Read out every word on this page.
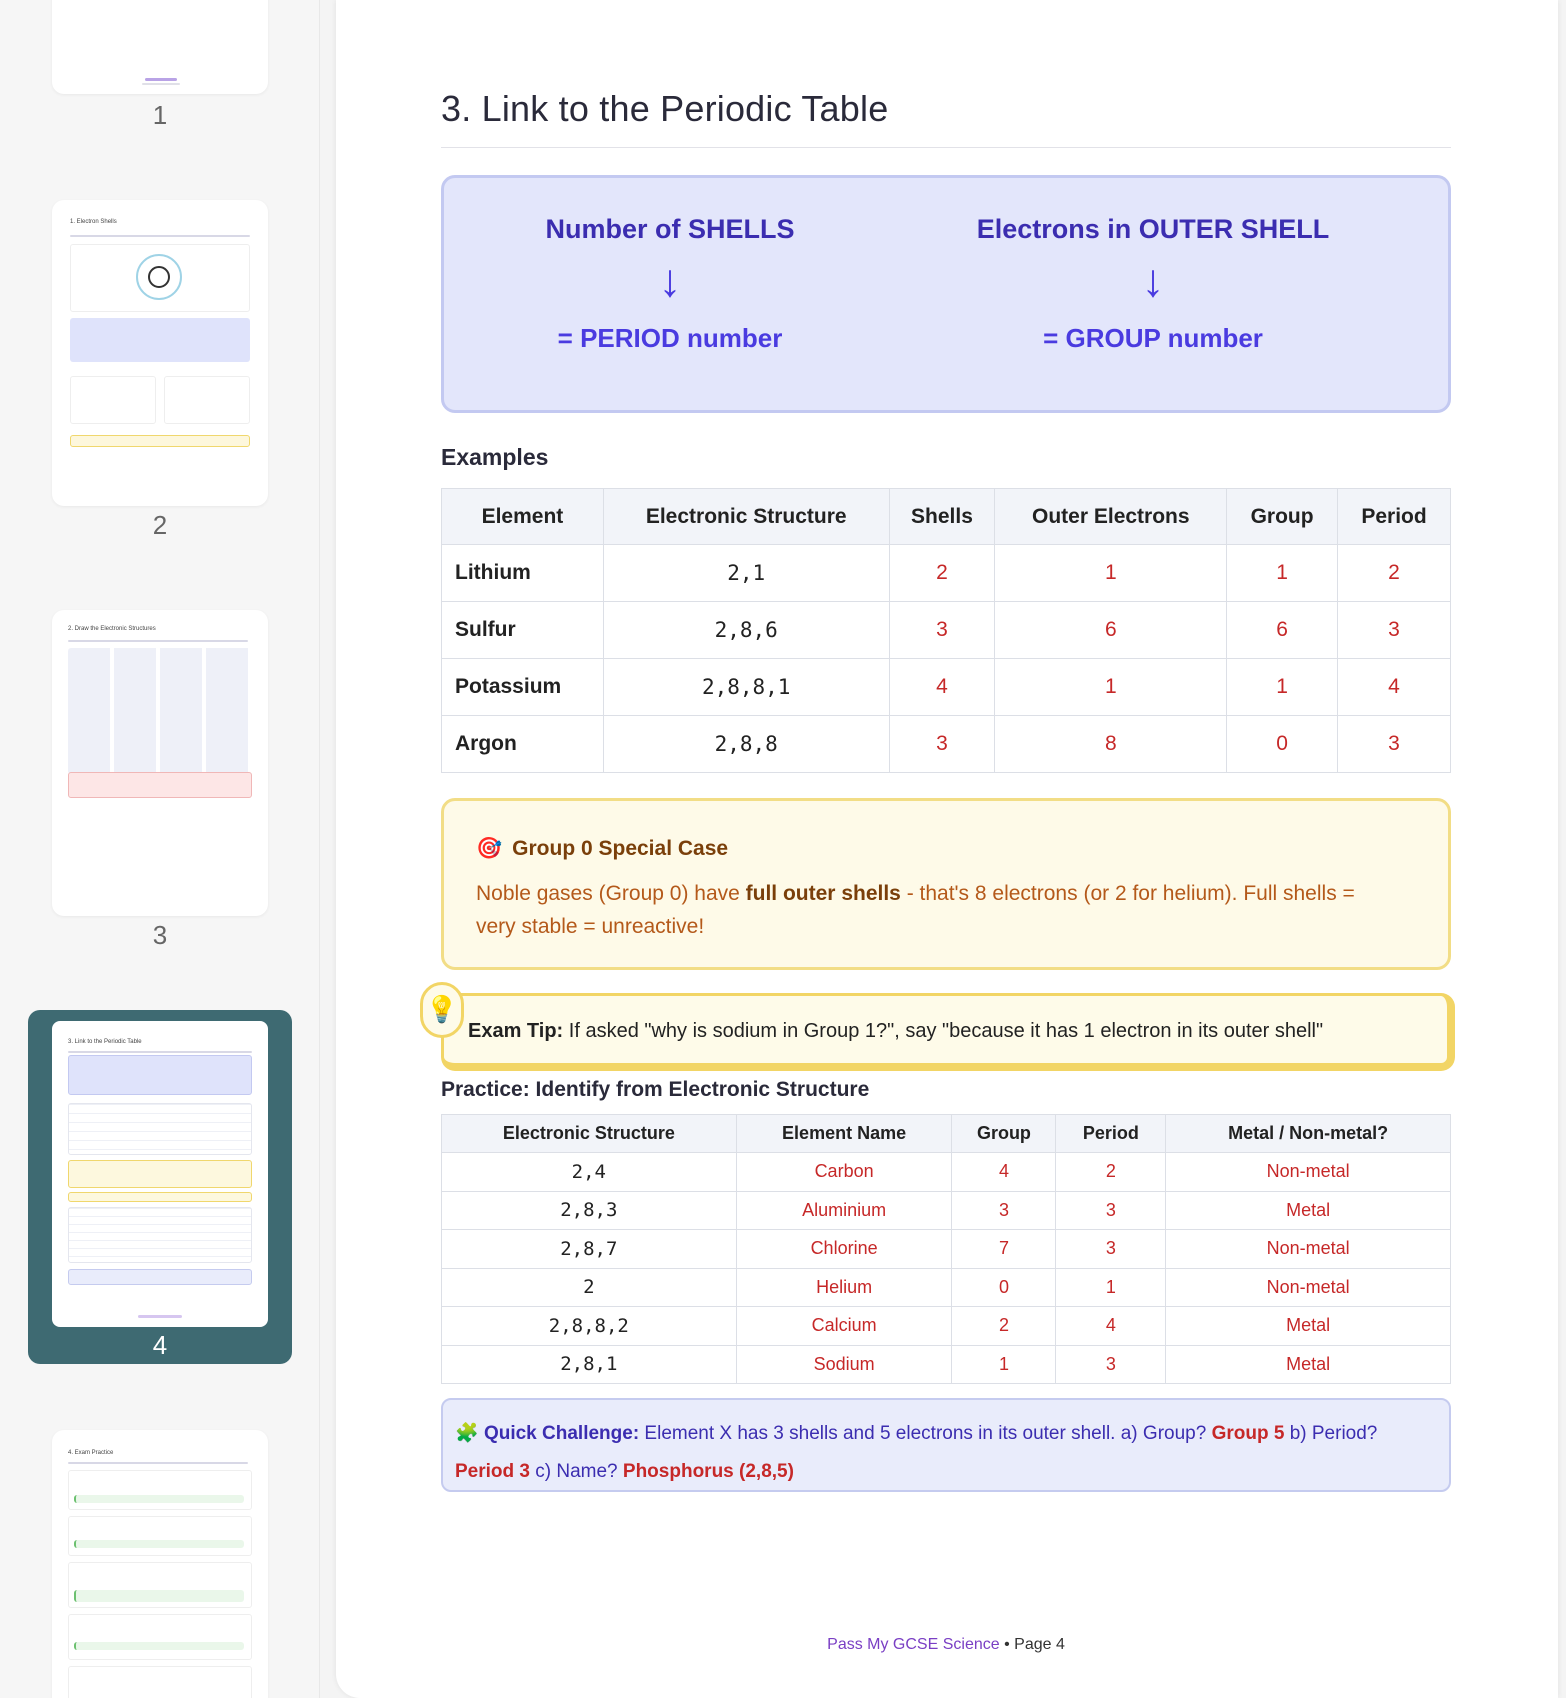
1
1. Electron Shells
2
2. Draw the Electronic Structures
3
3. Link to the Periodic Table
4
4. Exam Practice
3. Link to the Periodic Table
Number of SHELLS
↓
= PERIOD number
Electrons in OUTER SHELL
↓
= GROUP number
Examples
Element	Electronic Structure	Shells	Outer Electrons	Group	Period
Lithium	2,1	2	1	1	2
Sulfur	2,8,6	3	6	6	3
Potassium	2,8,8,1	4	1	1	4
Argon	2,8,8	3	8	0	3
🎯 Group 0 Special Case
Noble gases (Group 0) have full outer shells - that's 8 electrons (or 2 for helium). Full shells = very stable = unreactive!
💡
Exam Tip: If asked "why is sodium in Group 1?", say "because it has 1 electron in its outer shell"
Practice: Identify from Electronic Structure
Electronic Structure	Element Name	Group	Period	Metal / Non-metal?
2,4	Carbon	4	2	Non-metal
2,8,3	Aluminium	3	3	Metal
2,8,7	Chlorine	7	3	Non-metal
2	Helium	0	1	Non-metal
2,8,8,2	Calcium	2	4	Metal
2,8,1	Sodium	1	3	Metal
🧩 Quick Challenge: Element X has 3 shells and 5 electrons in its outer shell. a) Group? Group 5 b) Period? Period 3 c) Name? Phosphorus (2,8,5)
Pass My GCSE Science • Page 4
